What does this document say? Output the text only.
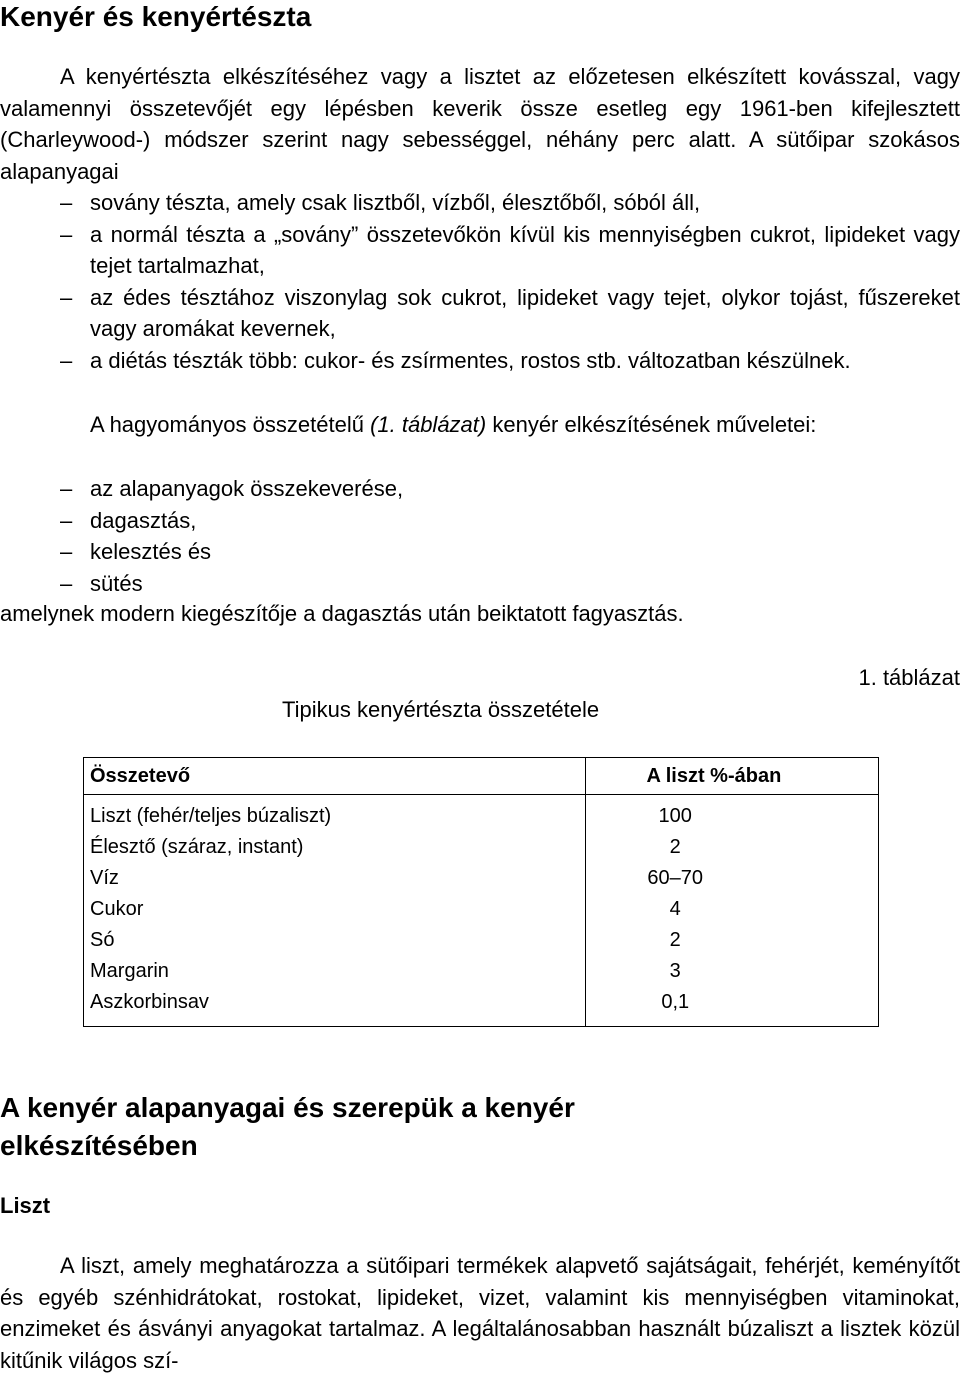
Kenyér és kenyértészta

A kenyértészta elkészítéséhez vagy a lisztet az előzetesen elkészített kovásszal, vagy valamennyi összetevőjét egy lépésben keverik össze esetleg egy 1961-ben kifejlesztett (Charleywood-) módszer szerint nagy sebességgel, néhány perc alatt. A sütőipar szokásos alapanyagai

– sovány tészta, amely csak lisztből, vízből, élesztőből, sóból áll,
– a normál tészta a „sovány” összetevőkön kívül kis mennyiségben cukrot, lipideket vagy tejet tartalmazhat,
– az édes tésztához viszonylag sok cukrot, lipideket vagy tejet, olykor tojást, fűszereket vagy aromákat kevernek,
– a diétás tészták több: cukor- és zsírmentes, rostos stb. változatban készülnek.

A hagyományos összetételű (1. táblázat) kenyér elkészítésének műveletei:

– az alapanyagok összekeverése,
– dagasztás,
– kelesztés és
– sütés

amelynek modern kiegészítője a dagasztás után beiktatott fagyasztás.

1. táblázat
Tipikus kenyértészta összetétele
Összetevő	A liszt %-ában
Liszt (fehér/teljes búzaliszt)	100
Élesztő (száraz, instant)	2
Víz	60–70
Cukor	4
Só	2
Margarin	3
Aszkorbinsav	0,1
A kenyér alapanyagai és szerepük a kenyér elkészítésében
Liszt

A liszt, amely meghatározza a sütőipari termékek alapvető sajátságait, fehérjét, keményítőt és egyéb szénhidrátokat, rostokat, lipideket, vizet, valamint kis mennyiségben vitaminokat, enzimeket és ásványi anyagokat tartalmaz. A legáltalánosabban használt búzaliszt a lisztek közül kitűnik világos szí-
